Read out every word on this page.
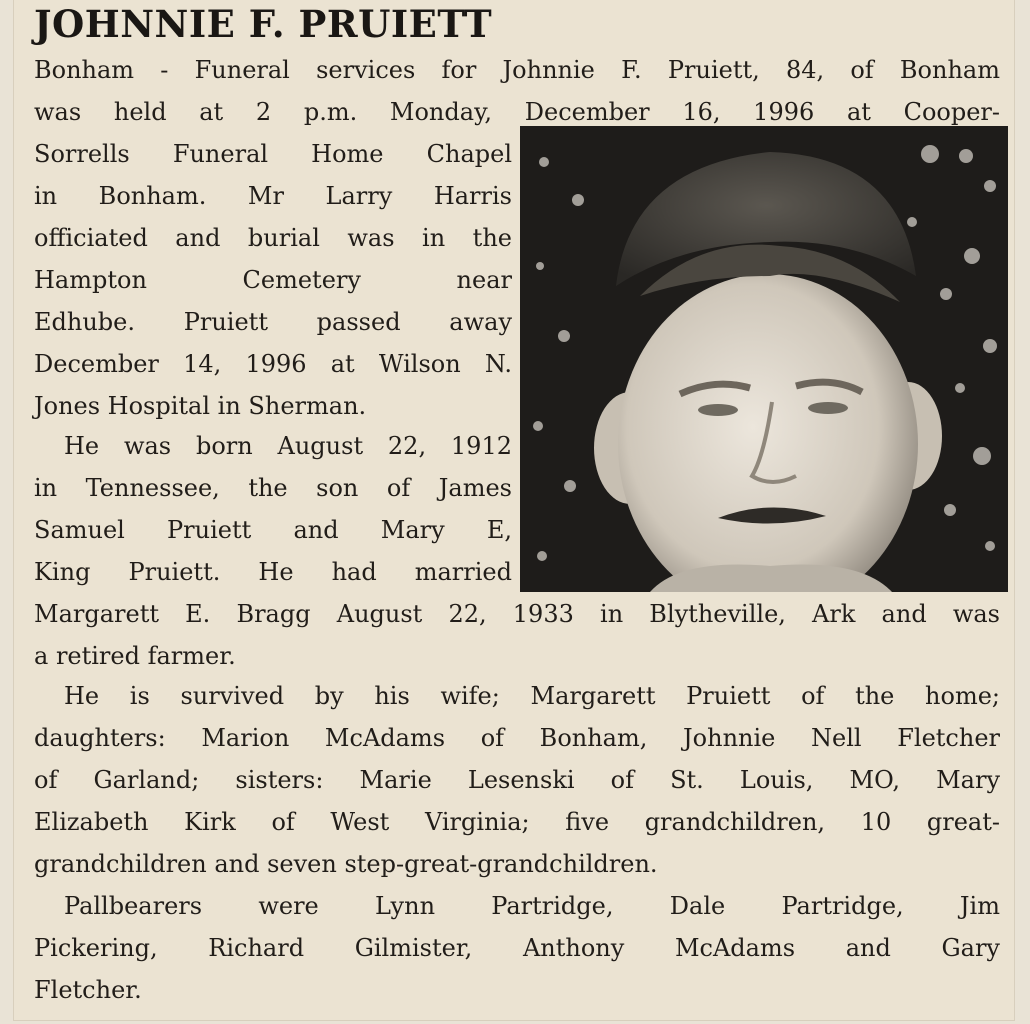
JOHNNIE F. PRUIETT

Bonham - Funeral services for Johnnie F. Pruiett, 84, of Bonham

was held at 2 p.m. Monday, December 16, 1996 at Cooper-

Sorrells Funeral Home Chapel

in Bonham. Mr Larry Harris

officiated and burial was in the

Hampton Cemetery near

Edhube. Pruiett passed away

December 14, 1996 at Wilson N.

Jones Hospital in Sherman.

He was born August 22, 1912

in Tennessee, the son of James

Samuel Pruiett and Mary E,

King Pruiett. He had married

Margarett E. Bragg August 22, 1933 in Blytheville, Ark and was

a retired farmer.

He is survived by his wife; Margarett Pruiett of the home;

daughters: Marion McAdams of Bonham, Johnnie Nell Fletcher

of Garland; sisters: Marie Lesenski of St. Louis, MO, Mary

Elizabeth Kirk of West Virginia; five grandchildren, 10 great-

grandchildren and seven step-great-grandchildren.

Pallbearers were Lynn Partridge, Dale Partridge, Jim

Pickering, Richard Gilmister, Anthony McAdams and Gary

Fletcher.
